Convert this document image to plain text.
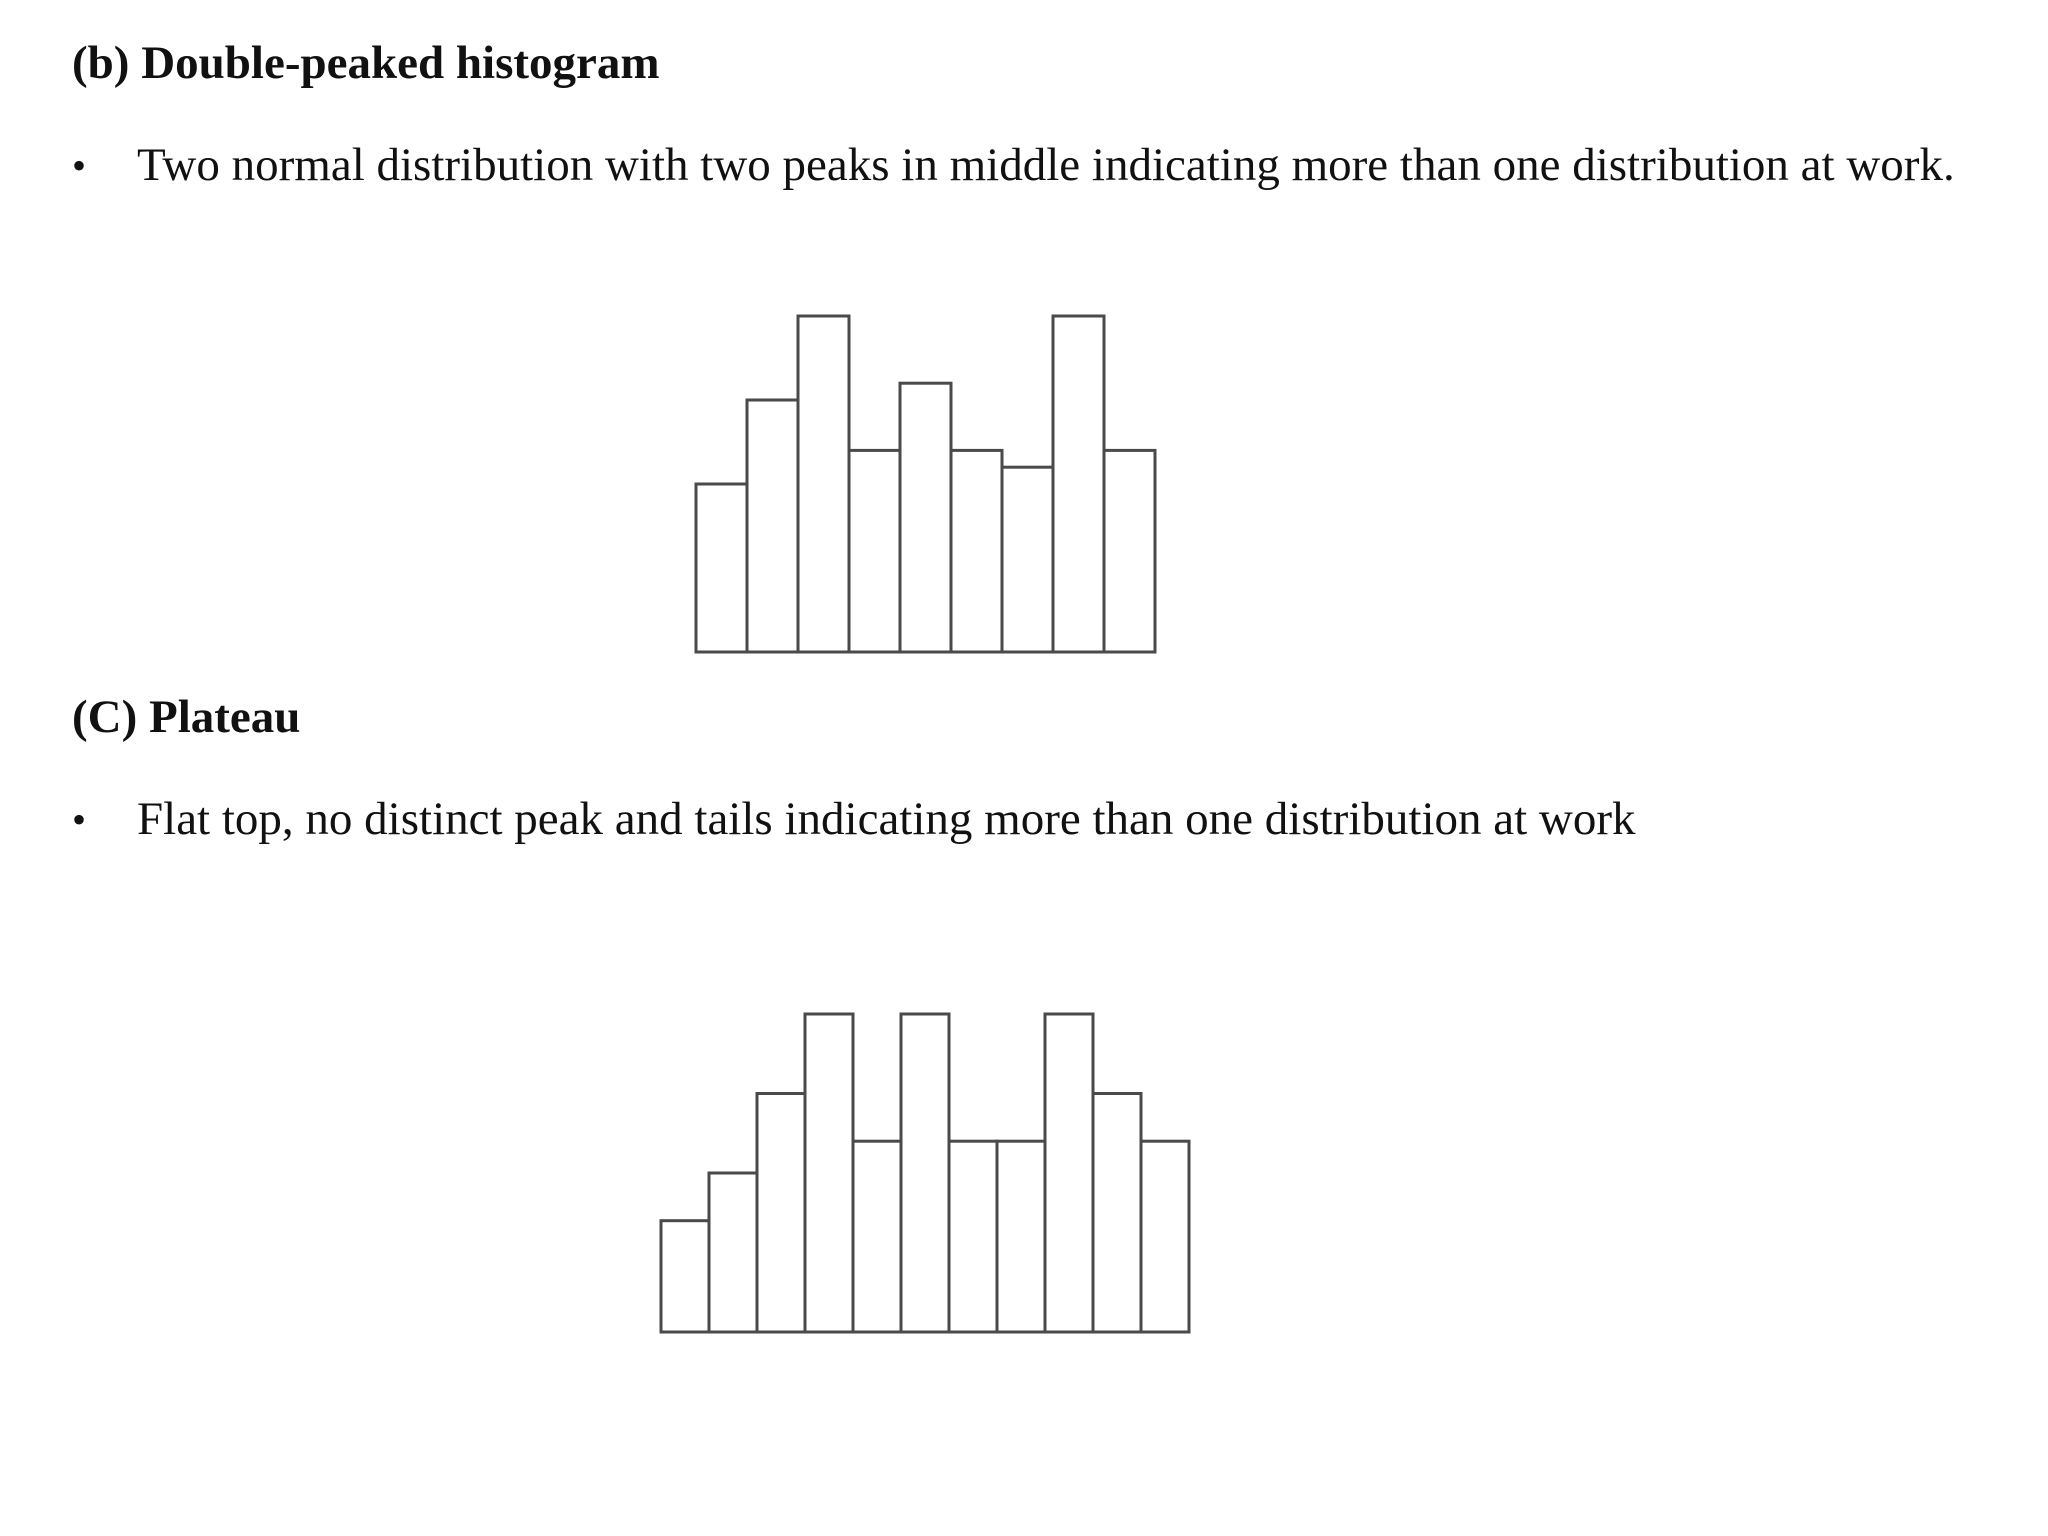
(b) Double-peaked histogram
•	Two normal distribution with two peaks in middle indicating more than one distribution at work.
(C) Plateau
•	Flat top, no distinct peak and tails indicating more than one distribution at work
